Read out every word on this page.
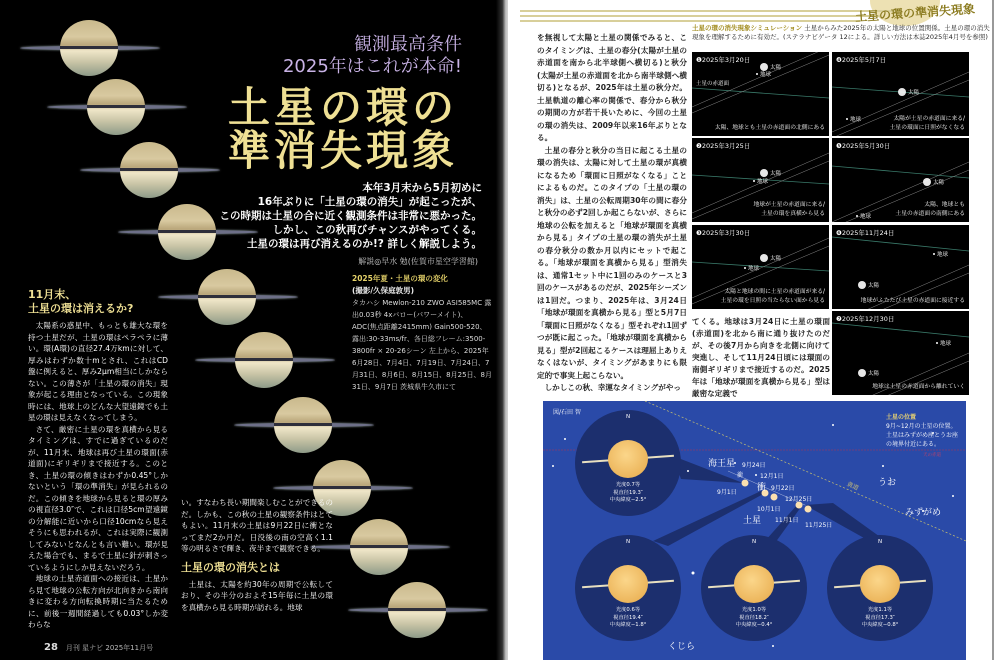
観測最高条件
2025年はこれが本命!
土星の環の
準消失現象
本年3月末から5月初めに
16年ぶりに「土星の環の消失」が起こったが、
この時期は土星の合に近く観測条件は非常に悪かった。
しかし、この秋再びチャンスがやってくる。
土星の環は再び消えるのか!? 詳しく解説しよう。
解説◎早水 勉(佐賀市星空学習館)
2025年夏・土星の環の変化
(撮影/久保庭敦男)
タカハシ Mewlon-210 ZWO ASI585MC 露出0.03秒 4xバロー(パワーメイト)、ADC(焦点距離2415mm) Gain500-520、露出:30-33ms/fr、各日総フレーム:3500-3800fr × 20-26シーン 左上から、2025年6月28日、7月4日、7月19日、7月24日、7月31日、8月6日、8月15日、8月25日、8月31日、9月7日 茨城県牛久市にて
11月末、
土星の環は消えるか?

太陽系の惑星中、もっとも雄大な環を持つ土星だが、土星の環はペラペラに薄い。環(A環)の直径27.4万kmに対して、厚みはわずか数十mとされ、これはCD盤に例えると、厚み2μm相当にしかならない。この薄さが「土星の環の消失」現象が起こる理由となっている。この現象時には、地球上のどんな大望遠鏡でも土星の環は見えなくなってしまう。

さて、厳密に土星の環を真横から見るタイミングは、すでに過ぎているのだが、11月末、地球は再び土星の環面(赤道面)にギリギリまで接近する。このとき、土星の環の傾きはわずか0.45°しかないという「環の準消失」が見られるのだ。この傾きを地球から見ると環の厚みの視直径3.0″で、これは口径5cm望遠鏡の分解能に近いから口径10cmなら見えそうにも思われるが、これは実際に観測してみないとなんとも言い難い。環が見えた場合でも、まるで土星に針が刺さっているようにしか見えないだろう。

地球の土星赤道面への接近は、土星から見て地球の公転方向が北向きから南向きに変わる方向転換時期に当たるために、前後一週間経過しても0.03°しか変わらな

い。すなわち長い期間楽しむことができるのだ。しかも、この秋の土星の観察条件はとてもよい。11月末の土星は9月22日に衝となってまだ2か月だ。日没後の南の空高く1.1等の明るさで輝き、夜半まで観察できる。
土星の環の消失とは

土星は、太陽を約30年の周期で公転しており、その半分のおよそ15年毎に土星の環を真横から見る時期が訪れる。地球

28 月刊 星ナビ 2025年11月号
土星の環の準消失現象
を無視して太陽と土星の関係でみると、このタイミングは、土星の春分(太陽が土星の赤道面を南から北半球側へ横切る)と秋分(太陽が土星の赤道面を北から南半球側へ横切る)となるが、2025年は土星の秋分だ。土星軌道の離心率の関係で、春分から秋分の期間の方が若干長いために、今回の土星の環の消失は、2009年以来16年ぶりとなる。

土星の春分と秋分の当日に起こる土星の環の消失は、太陽に対して土星の環が真横になるため「環面に日照がなくなる」ことによるものだ。このタイプの「土星の環の消失」は、土星の公転周期30年の間に春分と秋分の必ず2回しか起こらないが、さらに地球の公転を加えると「地球が環面を真横から見る」タイプの土星の環の消失が土星の春分秋分の数か月以内にセットで起こる。「地球が環面を真横から見る」型消失は、通常1セット中に1回のみのケースと3回のケースがあるのだが、2025年シーズンは1回だ。つまり、2025年は、3月24日「地球が環面を真横から見る」型と5月7日「環面に日照がなくなる」型それぞれ1回ずつが既に起こった。「地球が環面を真横から見る」型が2回起こるケースは理屈上ありえなくはないが、タイミングがあまりにも限定的で事実上起こらない。

しかしこの秋、幸運なタイミングがやっ

てくる。地球は3月24日に土星の環面(赤道面)を北から南に通り抜けたのだが、その後7月から向きを北側に向けて突進し、そして11月24日頃には環面の南側ギリギリまで接近するのだ。2025年は「地球が環面を真横から見る」型は厳密な定義で
土星の環の消失現象シミュレーション 土星からみた2025年の太陽と地球の位置関係。土星の環の消失現象を理解するために有効だ。(ステラナビゲータ 12による。詳しい方法は本誌2025年4月号を参照)
❶2025年3月20日
太陽
地球
土星の赤道面
太陽、地球とも土星の赤道面の北側にある
❷2025年3月25日
太陽
地球
地球が土星の赤道面に来る/
土星の環を真横から見る
❸2025年3月30日
太陽
地球
太陽と地球の間に土星の赤道面が来る/
土星の環を日照の当たらない面から見る
❹2025年5月7日
太陽
地球	太陽が土星の赤道面に来る/
土星の環面に日照がなくなる
❺2025年5月30日
太陽
地球
太陽、地球とも
土星の赤道面の南側にある
❻2025年11月24日
太陽
地球
地球がふたたび土星の赤道面に接近する
❼2025年12月30日
太陽
地球
地球は土星の赤道面から離れていく
N
光度0.7等
視直径19.3″
中央緯度−2.5°
N
光度0.6等
視直径19.4″
中央緯度−1.8°
N
光度1.0等
視直径18.2″
中央緯度−0.4°
N
光度1.1等
視直径17.3″
中央緯度−0.8°
図/石田 智
土星の位置
9月~12月の土星の位置。
土星はみずがめ座とうお座
の境界付近にある。
天の赤道
黄道
海王星
土星
衝
衝
9月24日
12月1日
9月1日
9月22日
10月1日
11月1日
12月25日
11月25日
うお
みずがめ
くじら
